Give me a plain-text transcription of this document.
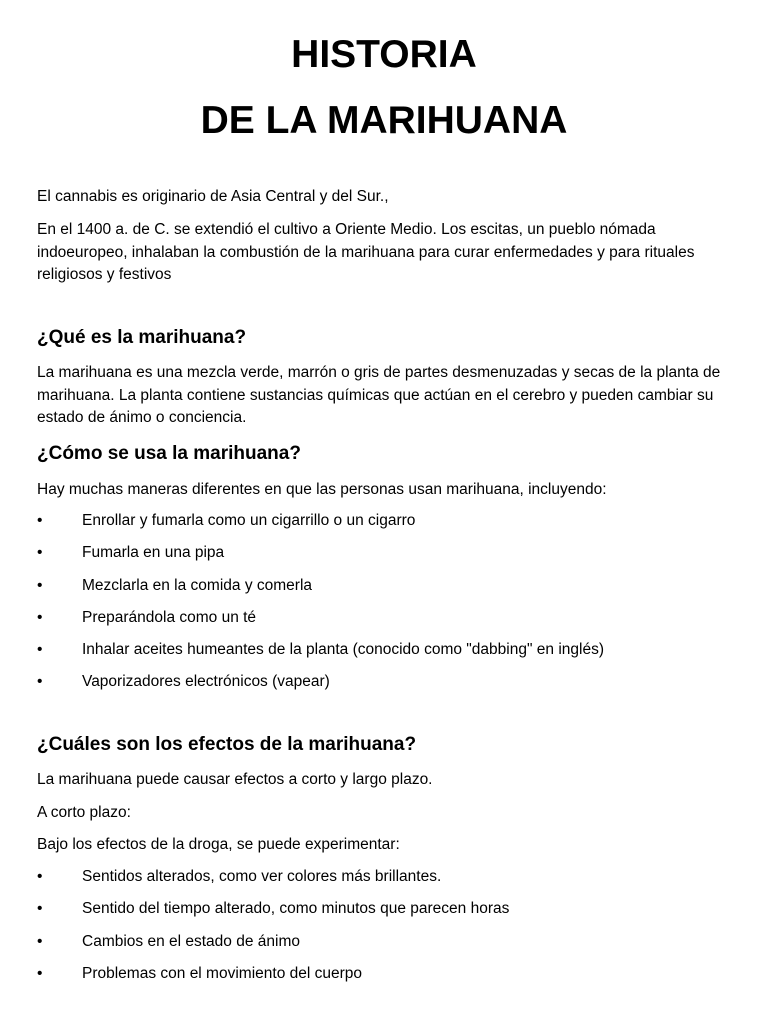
HISTORIA
DE LA MARIHUANA

El cannabis es originario de Asia Central y del Sur.,

En el 1400 a. de C. se extendió el cultivo a Oriente Medio. Los escitas, un pueblo nómada indoeuropeo, inhalaban la combustión de la marihuana para curar enfermedades y para rituales religiosos y festivos

¿Qué es la marihuana?

La marihuana es una mezcla verde, marrón o gris de partes desmenuzadas y secas de la planta de marihuana. La planta contiene sustancias químicas que actúan en el cerebro y pueden cambiar su estado de ánimo o conciencia.

¿Cómo se usa la marihuana?

Hay muchas maneras diferentes en que las personas usan marihuana, incluyendo:

•	Enrollar y fumarla como un cigarrillo o un cigarro
•	Fumarla en una pipa
•	Mezclarla en la comida y comerla
•	Preparándola como un té
•	Inhalar aceites humeantes de la planta (conocido como "dabbing" en inglés)
•	Vaporizadores electrónicos (vapear)
¿Cuáles son los efectos de la marihuana?

La marihuana puede causar efectos a corto y largo plazo.

A corto plazo:

Bajo los efectos de la droga, se puede experimentar:

•	Sentidos alterados, como ver colores más brillantes.
•	Sentido del tiempo alterado, como minutos que parecen horas
•	Cambios en el estado de ánimo
•	Problemas con el movimiento del cuerpo
